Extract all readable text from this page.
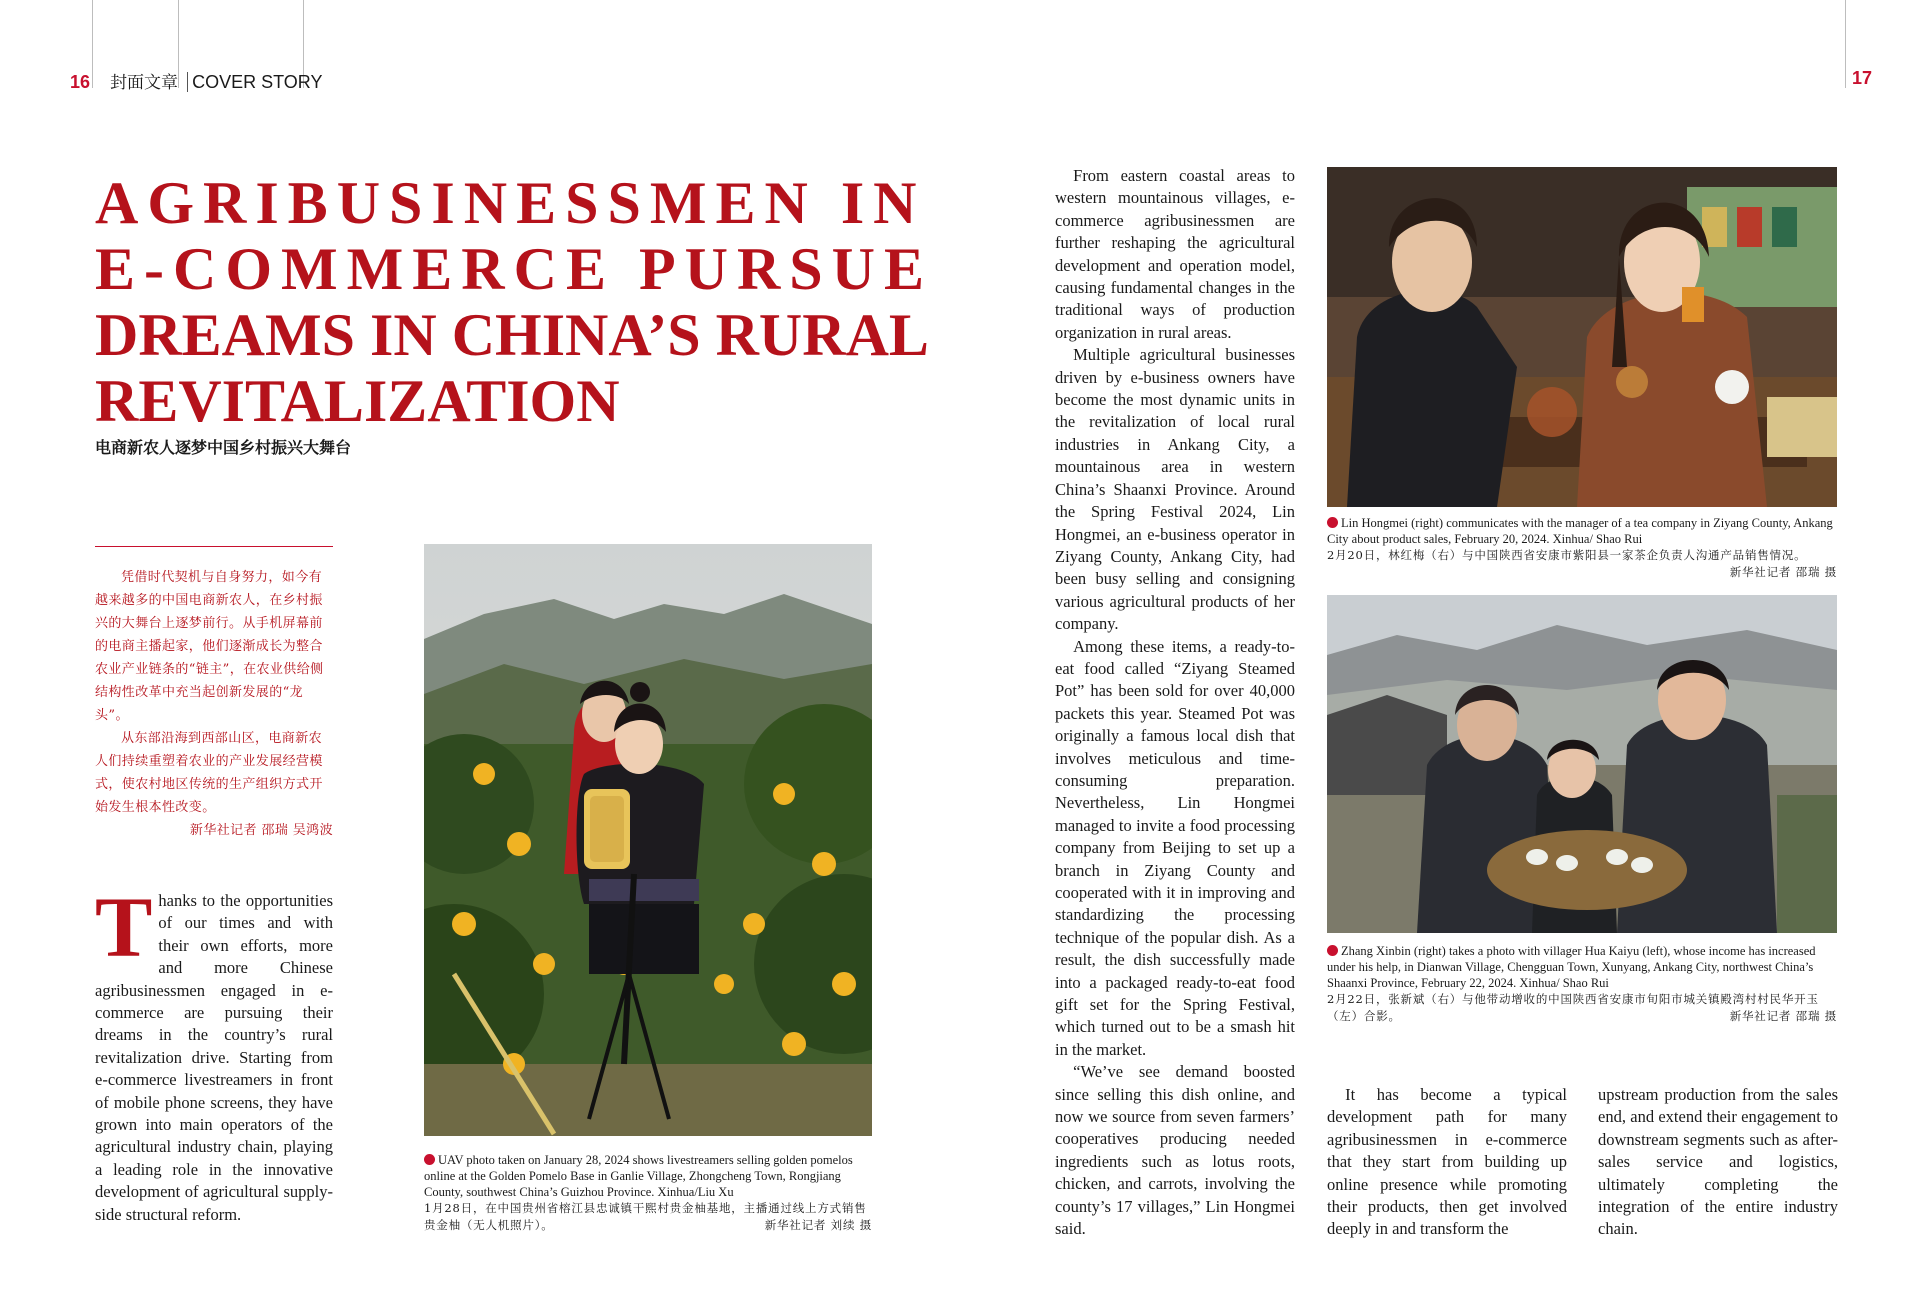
16 封面文章 COVER STORY	17
AGRIBUSINESSMEN IN
E-COMMERCE PURSUE
DREAMS IN CHINA’S RURAL
REVITALIZATION
电商新农人逐梦中国乡村振兴大舞台

凭借时代契机与自身努力，如今有越来越多的中国电商新农人，在乡村振兴的大舞台上逐梦前行。从手机屏幕前的电商主播起家，他们逐渐成长为整合农业产业链条的“链主”，在农业供给侧结构性改革中充当起创新发展的“龙头”。

从东部沿海到西部山区，电商新农人们持续重塑着农业的产业发展经营模式，使农村地区传统的生产组织方式开始发生根本性改变。

新华社记者 邵瑞 吴鸿波

T hanks to the opportunities of our times and with their own efforts, more and more Chinese agribusinessmen engaged in e-commerce are pursuing their dreams in the country’s rural revitalization drive. Starting from e-commerce livestreamers in front of mobile phone screens, they have grown into main operators of the agricultural industry chain, playing a leading role in the innovative development of agricultural supply-side structural reform.
UAV photo taken on January 28, 2024 shows livestreamers selling golden pomelos online at the Golden Pomelo Base in Ganlie Village, Zhongcheng Town, Rongjiang County, southwest China’s Guizhou Province. Xinhua/Liu Xu
1月28日，在中国贵州省榕江县忠诚镇干熙村贵金柚基地，主播通过线上方式销售贵金柚（无人机照片）。	新华社记者 刘续 摄

From eastern coastal areas to western mountainous villages, e-commerce agribusinessmen are further reshaping the agricultural development and operation model, causing fundamental changes in the traditional ways of production organization in rural areas.

Multiple agricultural businesses driven by e-business owners have become the most dynamic units in the revitalization of local rural industries in Ankang City, a mountainous area in western China’s Shaanxi Province. Around the Spring Festival 2024, Lin Hongmei, an e-business operator in Ziyang County, Ankang City, had been busy selling and consigning various agricultural products of her company.

Among these items, a ready-to-eat food called “Ziyang Steamed Pot” has been sold for over 40,000 packets this year. Steamed Pot was originally a famous local dish that involves meticulous and time-consuming preparation. Nevertheless, Lin Hongmei managed to invite a food processing company from Beijing to set up a branch in Ziyang County and cooperated with it in improving and standardizing the processing technique of the popular dish. As a result, the dish successfully made into a packaged ready-to-eat food gift set for the Spring Festival, which turned out to be a smash hit in the market.

“We’ve see demand boosted since selling this dish online, and now we source from seven farmers’ cooperatives producing needed ingredients such as lotus roots, chicken, and carrots, involving the county’s 17 villages,” Lin Hongmei said.

Lin Hongmei (right) communicates with the manager of a tea company in Ziyang County, Ankang City about product sales, February 20, 2024. Xinhua/ Shao Rui
2月20日，林红梅（右）与中国陕西省安康市紫阳县一家茶企负责人沟通产品销售情况。
新华社记者 邵瑞 摄
Zhang Xinbin (right) takes a photo with villager Hua Kaiyu (left), whose income has increased under his help, in Dianwan Village, Chengguan Town, Xunyang, Ankang City, northwest China’s Shaanxi Province, February 22, 2024. Xinhua/ Shao Rui
2月22日，张新斌（右）与他带动增收的中国陕西省安康市旬阳市城关镇殿湾村村民华开玉（左）合影。	新华社记者 邵瑞 摄

It has become a typical development path for many agribusinessmen in e-commerce that they start from building up online presence while promoting their products, then get involved deeply in and transform the

upstream production from the sales end, and extend their engagement to downstream segments such as after-sales service and logistics, ultimately completing the integration of the entire industry chain.
